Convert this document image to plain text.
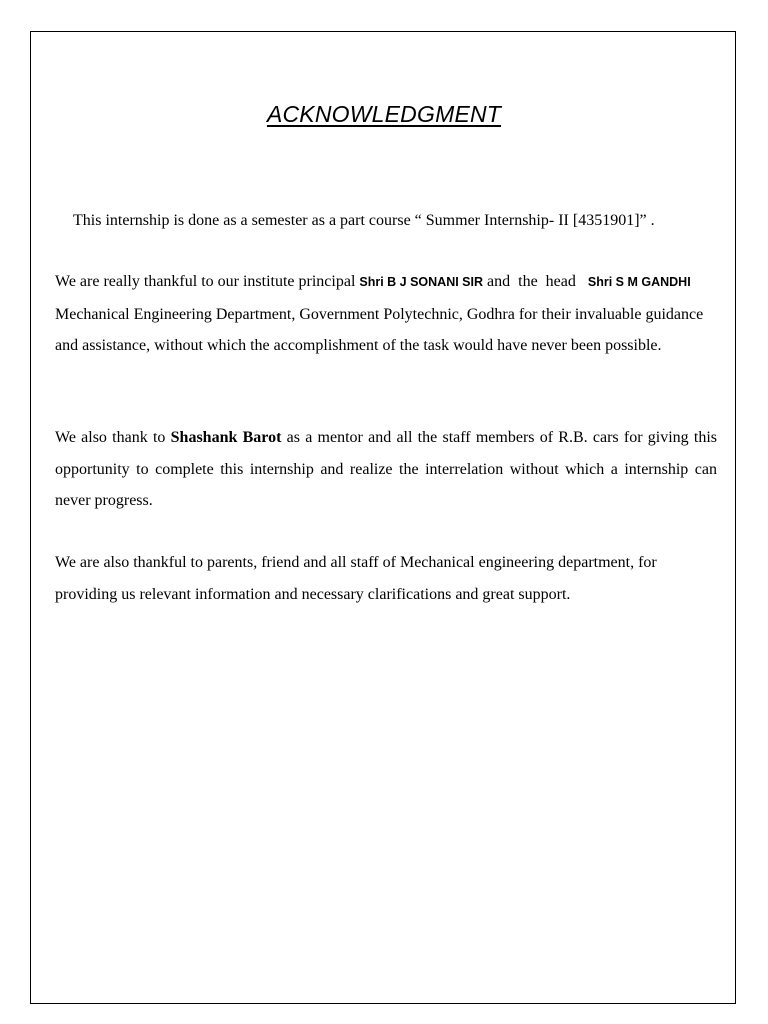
ACKNOWLEDGMENT

This internship is done as a semester as a part course “ Summer Internship- II [4351901]” .

We are really thankful to our institute principal Shri B J SONANI SIR and  the  head   Shri S M GANDHI Mechanical Engineering Department, Government Polytechnic, Godhra for their invaluable guidance and assistance, without which the accomplishment of the task would have never been possible.

We also thank to Shashank Barot as a mentor and all the staff members of R.B. cars for giving this opportunity to complete this internship and realize the interrelation without which a internship can never progress.

We are also thankful to parents, friend and all staff of Mechanical engineering department, for providing us relevant information and necessary clarifications and great support.
